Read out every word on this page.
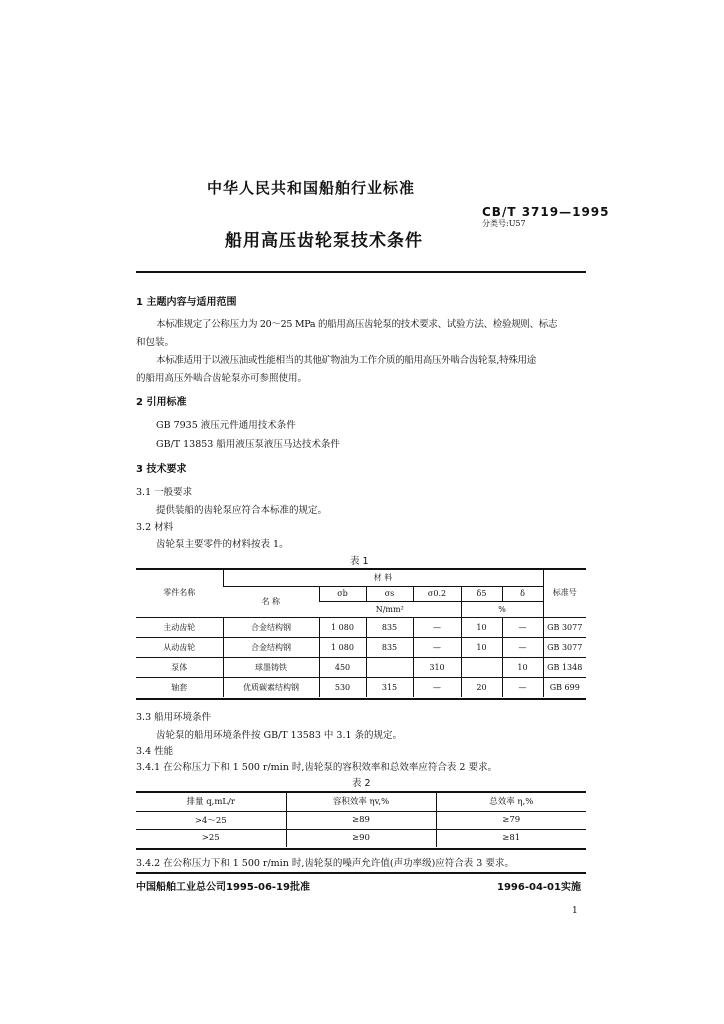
中华人民共和国船舶行业标准
CB/T 3719—1995
分类号:U57
船用高压齿轮泵技术条件
1 主题内容与适用范围
本标准规定了公称压力为 20～25 MPa 的船用高压齿轮泵的技术要求、试验方法、检验规则、标志
和包装。
本标准适用于以液压油或性能相当的其他矿物油为工作介质的船用高压外啮合齿轮泵,特殊用途
的船用高压外啮合齿轮泵亦可参照使用。
2 引用标准
GB 7935 液压元件通用技术条件
GB/T 13853 船用液压泵液压马达技术条件
3 技术要求
3.1 一般要求
提供装船的齿轮泵应符合本标准的规定。
3.2 材料
齿轮泵主要零件的材料按表 1。
表 1
零件名称	材 料						标准号
	名 称	σb	σs	σ0.2	δ5	δ	
		N/mm²			%		
主动齿轮	合金结构钢	1 080	835	—	10	—	GB 3077
从动齿轮	合金结构钢	1 080	835	—	10	—	GB 3077
泵体	球墨铸铁	450		310		10	GB 1348
轴套	优质碳素结构钢	530	315	—	20	—	GB 699
3.3 船用环境条件
齿轮泵的船用环境条件按 GB/T 13583 中 3.1 条的规定。
3.4 性能
3.4.1 在公称压力下和 1 500 r/min 时,齿轮泵的容积效率和总效率应符合表 2 要求。
表 2
排量 q,mL/r	容积效率 ηv,%	总效率 η,%
>4～25	≥89	≥79
>25	≥90	≥81
3.4.2 在公称压力下和 1 500 r/min 时,齿轮泵的噪声允许值(声功率级)应符合表 3 要求。
中国船舶工业总公司1995-06-19批准	1996-04-01实施
1
